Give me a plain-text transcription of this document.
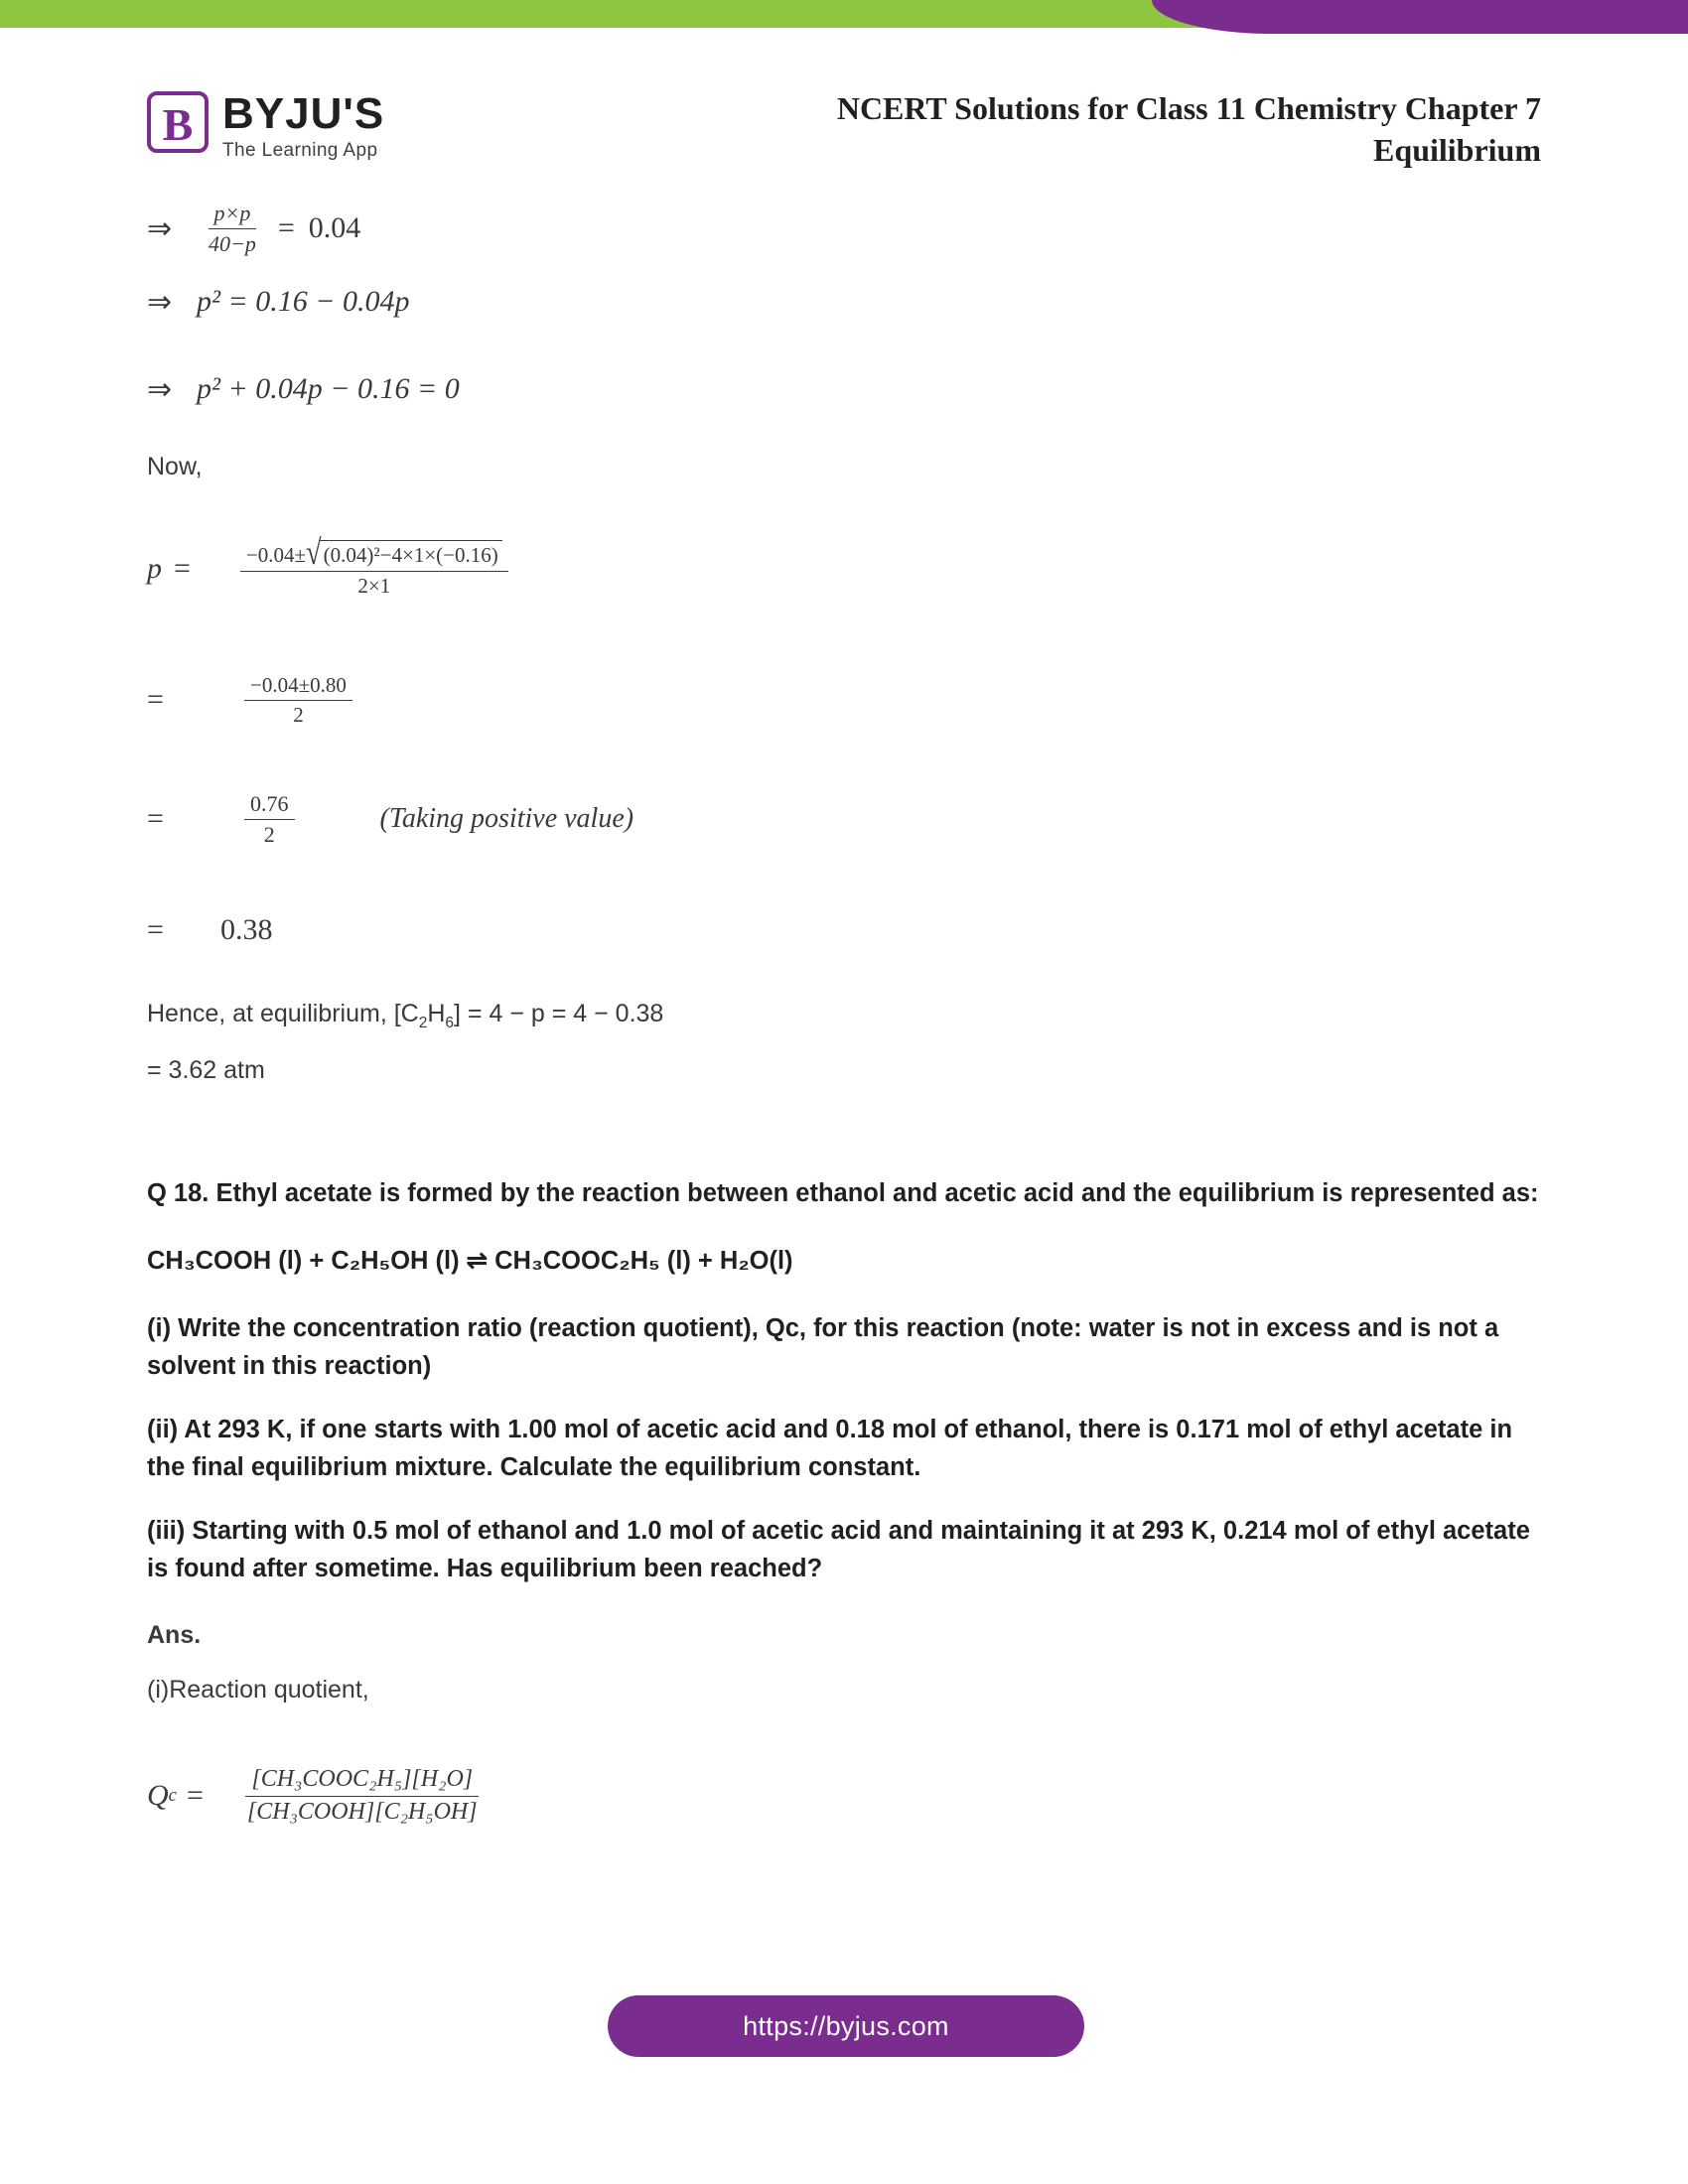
B BYJU'S
The Learning App
NCERT Solutions for Class 11 Chemistry Chapter 7
Equilibrium
⇒	$\frac{p\times p}{40-p} = 0.04$
⇒ p² = 0.16 − 0.04p
⇒ p² + 0.04p − 0.16 = 0
Now,
$p = \frac{\text{−0.04± √ (0.04)²−4×1×(−0.16)}}{2\times 1}$
=	$\frac{-0.04\pm 0.80}{2}$
=	$\frac{0.76}{2}$	(Taking positive value)
=	0.38
Hence, at equilibrium, $[C_2H_6] = 4 - p = 4 - 0.38$
= 3.62 atm
Q 18. Ethyl acetate is formed by the reaction between ethanol and acetic acid and the equilibrium is represented as:
CH₃COOH (l) + C₂H₅OH (l) ⇌ CH₃COOC₂H₅ (l) + H₂O(l)
(i) Write the concentration ratio (reaction quotient), Qc, for this reaction (note: water is not in excess and is not a solvent in this reaction)
(ii) At 293 K, if one starts with 1.00 mol of acetic acid and 0.18 mol of ethanol, there is 0.171 mol of ethyl acetate in the final equilibrium mixture. Calculate the equilibrium constant.
(iii) Starting with 0.5 mol of ethanol and 1.0 mol of acetic acid and maintaining it at 293 K, 0.214 mol of ethyl acetate is found after sometime. Has equilibrium been reached?
Ans.
(i)Reaction quotient,
Q $c = \frac{\text{[CH₃COOC₂H₅][H₂O]}}{\text{[CH₃COOH][C₂H₅OH]}}$
https://byjus.com
